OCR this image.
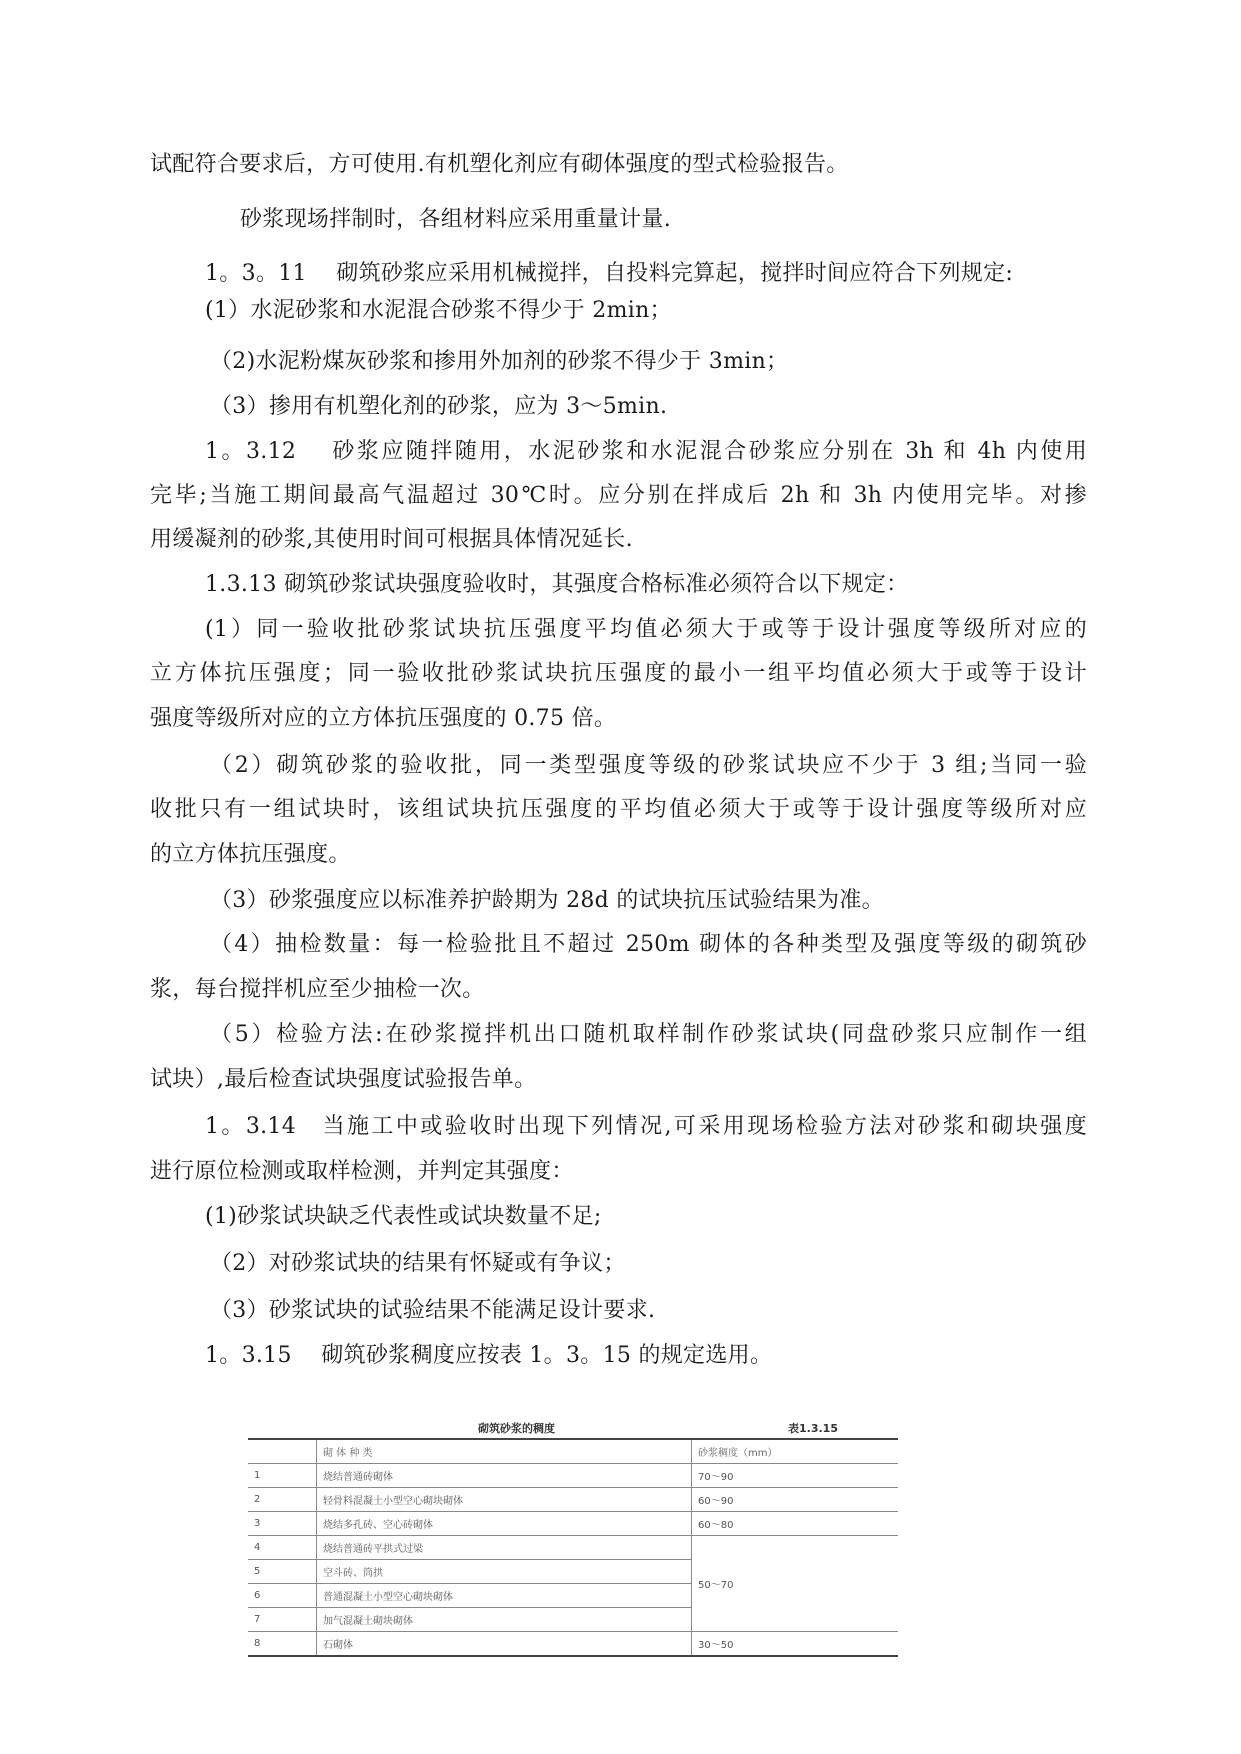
试配符合要求后，方可使用.有机塑化剂应有砌体强度的型式检验报告。
砂浆现场拌制时，各组材料应采用重量计量.
1。3。11　 砌筑砂浆应采用机械搅拌，自投料完算起，搅拌时间应符合下列规定:
(1）水泥砂浆和水泥混合砂浆不得少于 2min；
（2)水泥粉煤灰砂浆和掺用外加剂的砂浆不得少于 3min；
（3）掺用有机塑化剂的砂浆，应为 3～5min.
1。3.12　 砂浆应随拌随用，水泥砂浆和水泥混合砂浆应分别在 3h 和 4h 内使用
完毕;当施工期间最高气温超过 30℃时。应分别在拌成后 2h 和 3h 内使用完毕。对掺
用缓凝剂的砂浆,其使用时间可根据具体情况延长.
1.3.13 砌筑砂浆试块强度验收时，其强度合格标准必须符合以下规定：
(1）同一验收批砂浆试块抗压强度平均值必须大于或等于设计强度等级所对应的
立方体抗压强度；同一验收批砂浆试块抗压强度的最小一组平均值必须大于或等于设计
强度等级所对应的立方体抗压强度的 0.75 倍。
（2）砌筑砂浆的验收批，同一类型强度等级的砂浆试块应不少于 3 组;当同一验
收批只有一组试块时，该组试块抗压强度的平均值必须大于或等于设计强度等级所对应
的立方体抗压强度。
（3）砂浆强度应以标准养护龄期为 28d 的试块抗压试验结果为准。
（4）抽检数量：每一检验批且不超过 250m 砌体的各种类型及强度等级的砌筑砂
浆，每台搅拌机应至少抽检一次。
（5）检验方法:在砂浆搅拌机出口随机取样制作砂浆试块(同盘砂浆只应制作一组
试块）,最后检查试块强度试验报告单。
1。3.14　当施工中或验收时出现下列情况,可采用现场检验方法对砂浆和砌块强度
进行原位检测或取样检测，并判定其强度：
(1)砂浆试块缺乏代表性或试块数量不足;
（2）对砂浆试块的结果有怀疑或有争议；
（3）砂浆试块的试验结果不能满足设计要求.
1。3.15　 砌筑砂浆稠度应按表 1。3。15 的规定选用。
砌筑砂浆的稠度	表1.3.15
	砌 体 种 类	砂浆稠度（mm）
1	烧结普通砖砌体	70～90
2	轻骨料混凝土小型空心砌块砌体	60～90
3	烧结多孔砖、空心砖砌体	60～80
4	烧结普通砖平拱式过梁	50～70
5	空斗砖、筒拱	
6	普通混凝土小型空心砌块砌体	
7	加气混凝土砌块砌体	
8	石砌体	30～50
